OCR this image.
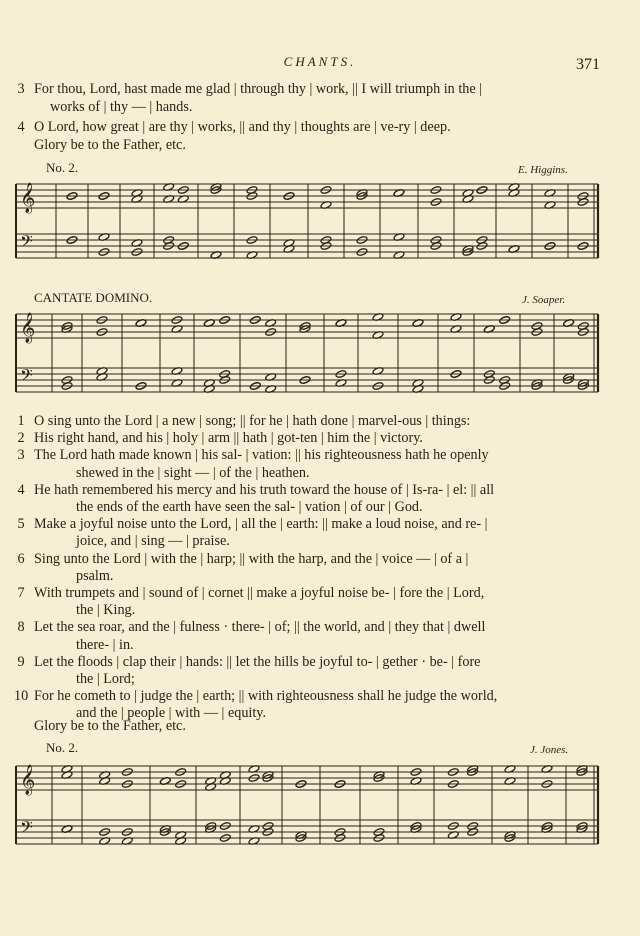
CHANTS.	371
3 For thou, Lord, hast made me glad | through thy | work, || I will triumph in the |
works of | thy — | hands.
4 O Lord, how great | are thy | works, || and thy | thoughts are | ve-ry | deep.
Glory be to the Father, etc.
No. 2.	E. Higgins.
𝄞
𝄢
CANTATE DOMINO.	J. Soaper.
𝄞
𝄢
1 O sing unto the Lord | a new | song; || for he | hath done | marvel-ous | things:
2 His right hand, and his | holy | arm || hath | got-ten | him the | victory.
3 The Lord hath made known | his sal- | vation: || his righteousness hath he openly
shewed in the | sight — | of the | heathen.
4 He hath remembered his mercy and his truth toward the house of | Is-ra- | el: || all
the ends of the earth have seen the sal- | vation | of our | God.
5 Make a joyful noise unto the Lord, | all the | earth: || make a loud noise, and re- |
joice, and | sing — | praise.
6 Sing unto the Lord | with the | harp; || with the harp, and the | voice — | of a |
psalm.
7 With trumpets and | sound of | cornet || make a joyful noise be- | fore the | Lord,
the | King.
8 Let the sea roar, and the | fulness · there- | of; || the world, and | they that | dwell
there- | in.
9 Let the floods | clap their | hands: || let the hills be joyful to- | gether · be- | fore
the | Lord;
10 For he cometh to | judge the | earth; || with righteousness shall he judge the world,
and the | people | with — | equity.
Glory be to the Father, etc.
No. 2.	J. Jones.
𝄞
𝄢
